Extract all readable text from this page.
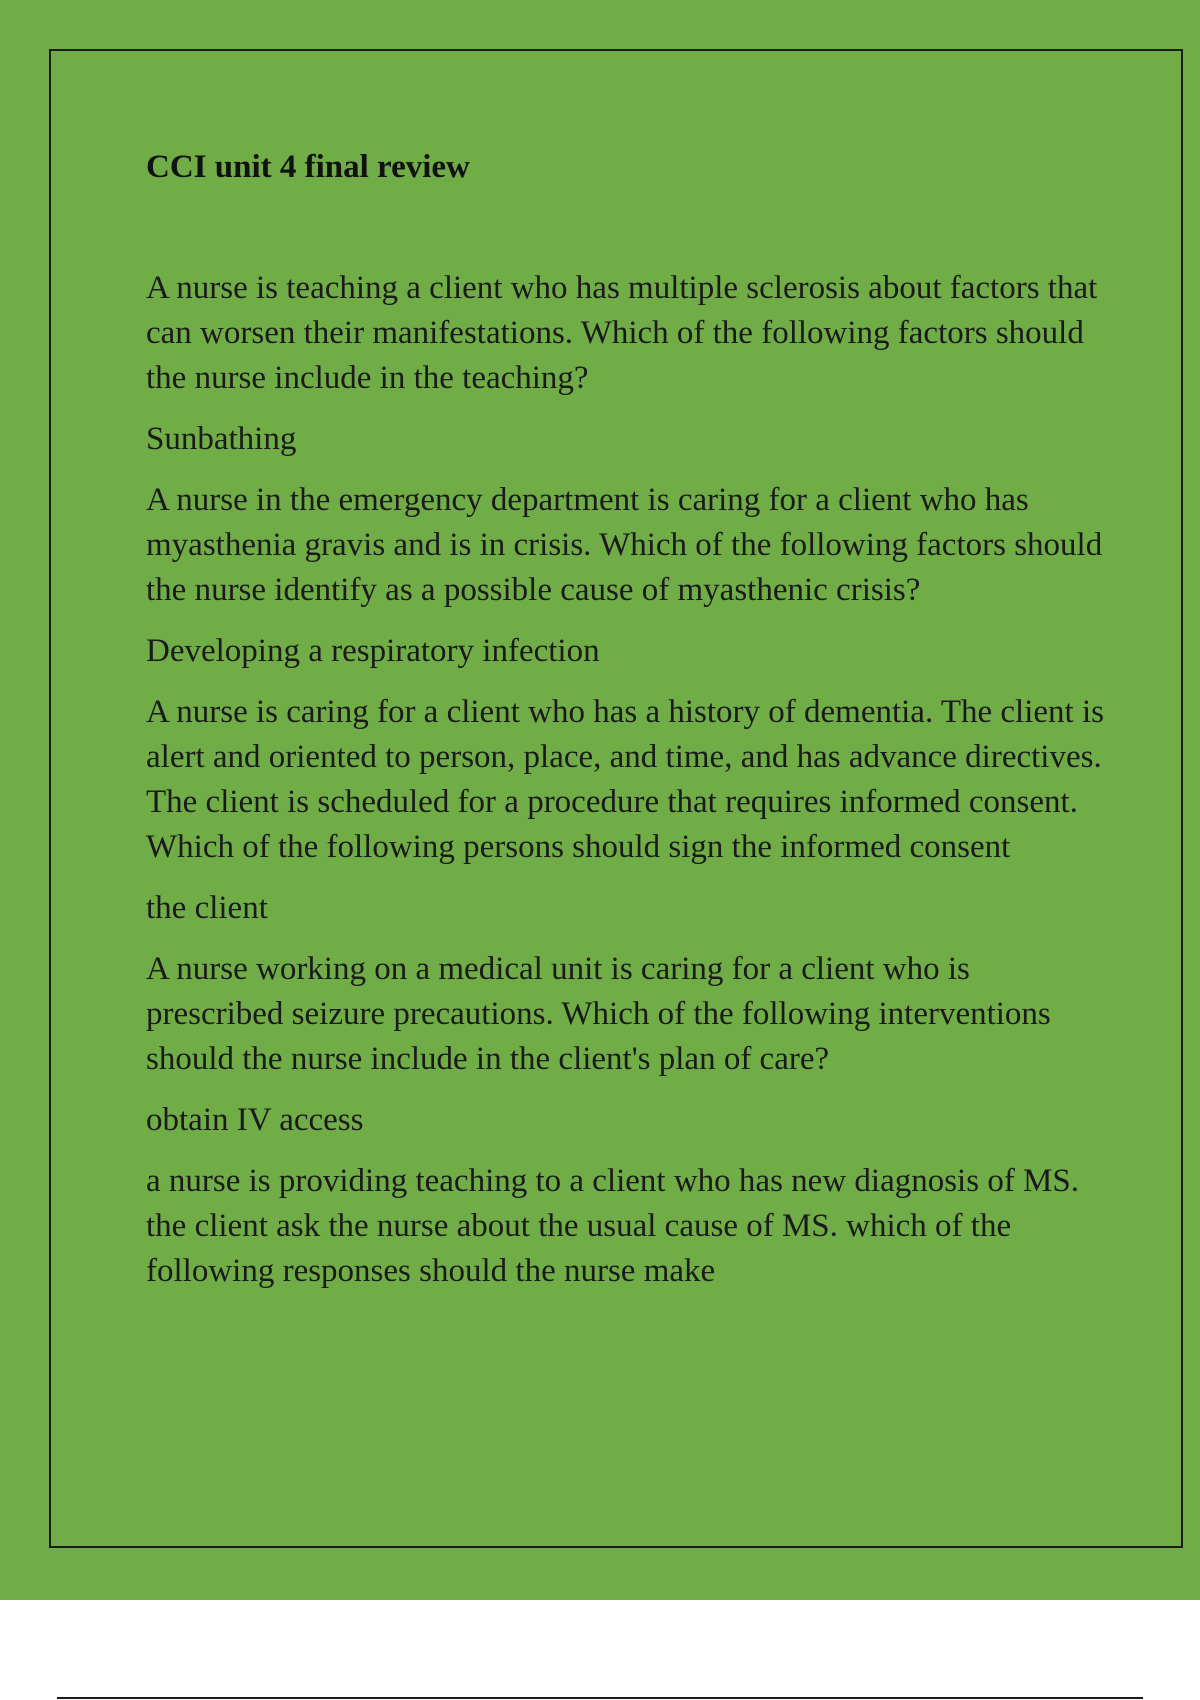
CCI unit 4 final review

A nurse is teaching a client who has multiple sclerosis about factors that can worsen their manifestations. Which of the following factors should the nurse include in the teaching?

Sunbathing

A nurse in the emergency department is caring for a client who has myasthenia gravis and is in crisis. Which of the following factors should the nurse identify as a possible cause of myasthenic crisis?

Developing a respiratory infection

A nurse is caring for a client who has a history of dementia. The client is alert and oriented to person, place, and time, and has advance directives. The client is scheduled for a procedure that requires informed consent. Which of the following persons should sign the informed consent

the client

A nurse working on a medical unit is caring for a client who is prescribed seizure precautions. Which of the following interventions should the nurse include in the client's plan of care?

obtain IV access

a nurse is providing teaching to a client who has new diagnosis of MS. the client ask the nurse about the usual cause of MS. which of the following responses should the nurse make
